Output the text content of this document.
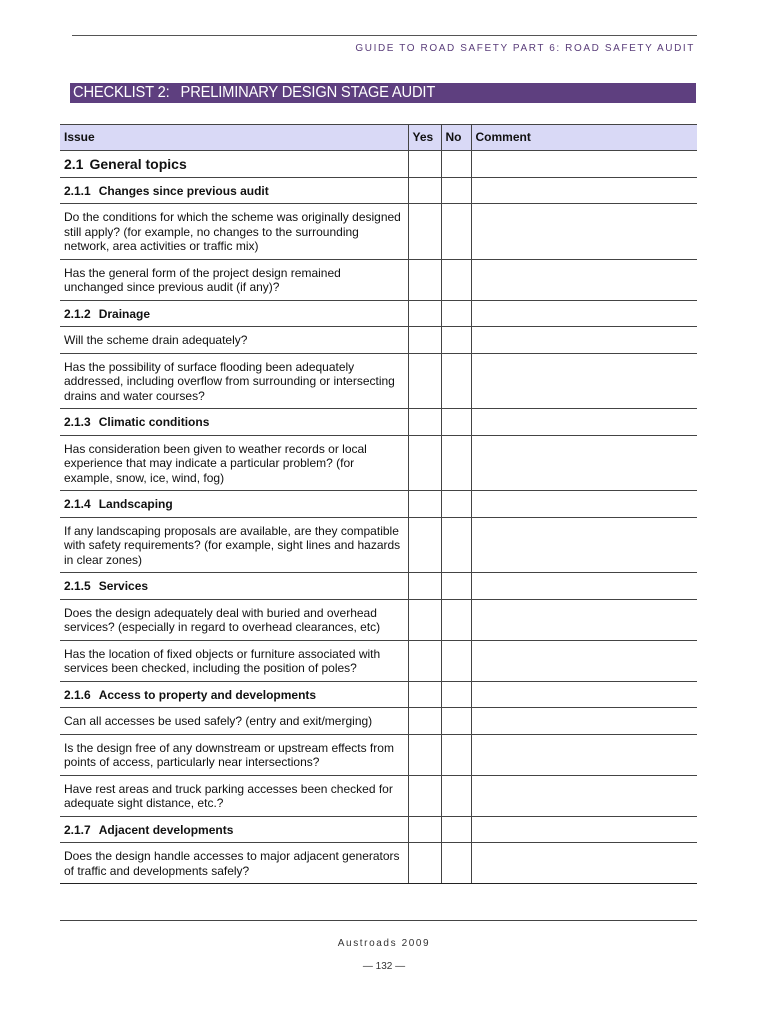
GUIDE TO ROAD SAFETY PART 6: ROAD SAFETY AUDIT
CHECKLIST 2: PRELIMINARY DESIGN STAGE AUDIT
Issue	Yes	No	Comment
2.1 General topics			
2.1.1 Changes since previous audit			
Do the conditions for which the scheme was originally designed still apply? (for example, no changes to the surrounding network, area activities or traffic mix)			
Has the general form of the project design remained unchanged since previous audit (if any)?			
2.1.2 Drainage			
Will the scheme drain adequately?			
Has the possibility of surface flooding been adequately addressed, including overflow from surrounding or intersecting drains and water courses?			
2.1.3 Climatic conditions			
Has consideration been given to weather records or local experience that may indicate a particular problem? (for example, snow, ice, wind, fog)			
2.1.4 Landscaping			
If any landscaping proposals are available, are they compatible with safety requirements? (for example, sight lines and hazards in clear zones)			
2.1.5 Services			
Does the design adequately deal with buried and overhead services? (especially in regard to overhead clearances, etc)			
Has the location of fixed objects or furniture associated with services been checked, including the position of poles?			
2.1.6 Access to property and developments			
Can all accesses be used safely? (entry and exit/merging)			
Is the design free of any downstream or upstream effects from points of access, particularly near intersections?			
Have rest areas and truck parking accesses been checked for adequate sight distance, etc.?			
2.1.7 Adjacent developments			
Does the design handle accesses to major adjacent generators of traffic and developments safely?			
Austroads 2009
— 132 —
